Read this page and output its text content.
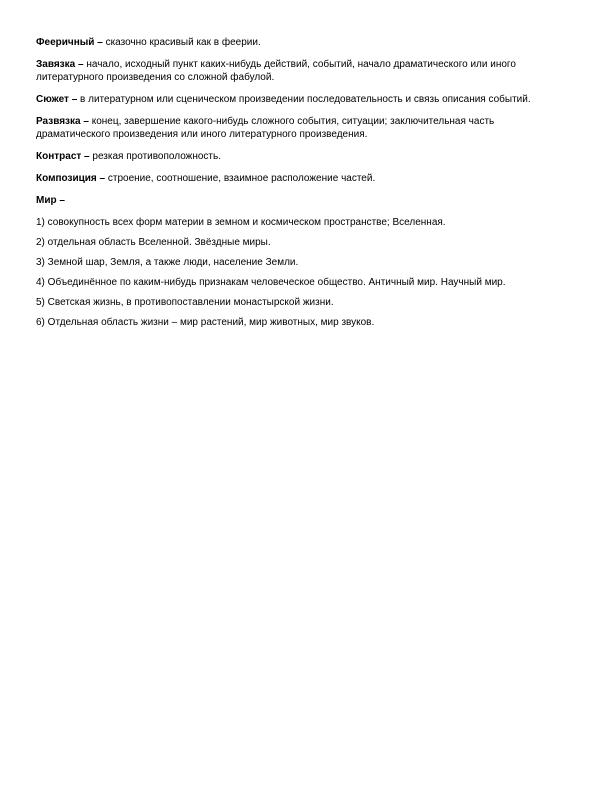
Фееричный – сказочно красивый как в феерии.

Завязка – начало, исходный пункт каких-нибудь действий, событий, начало драматического или иного литературного произведения со сложной фабулой.

Сюжет – в литературном или сценическом произведении последовательность и связь описания событий.

Развязка – конец, завершение какого-нибудь сложного события, ситуации; заключительная часть драматического произведения или иного литературного произведения.

Контраст – резкая противоположность.

Композиция – строение, соотношение, взаимное расположение частей.

Мир –

1) совокупность всех форм материи в земном и космическом пространстве; Вселенная.

2) отдельная область Вселенной. Звёздные миры.

3) Земной шар, Земля, а также люди, население Земли.

4) Объединённое по каким-нибудь признакам человеческое общество. Античный мир. Научный мир.

5) Светская жизнь, в противопоставлении монастырской жизни.

6) Отдельная область жизни – мир растений, мир животных, мир звуков.
